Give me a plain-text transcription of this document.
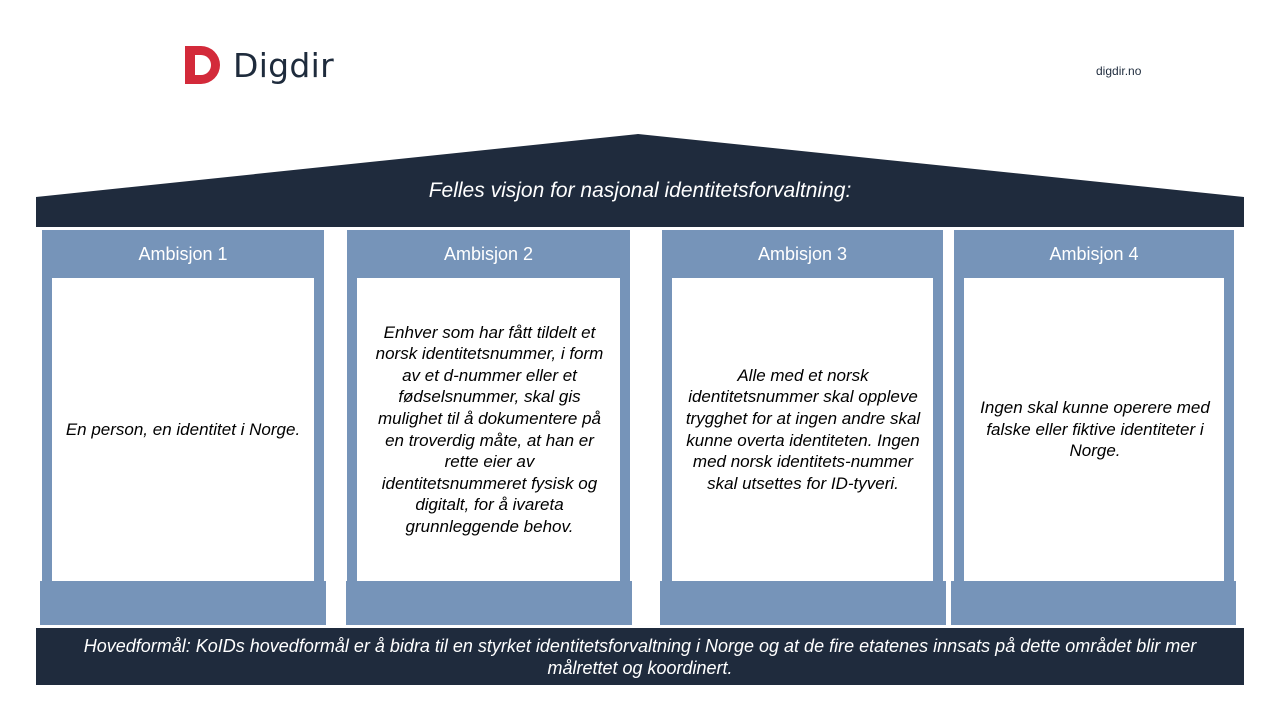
Digdir	digdir.no
Felles visjon for nasjonal identitetsforvaltning:
Ambisjon 1
En person, en identitet i Norge.
Ambisjon 2
Enhver som har fått tildelt et norsk identitetsnummer, i form av et d-nummer eller et fødselsnummer, skal gis mulighet til å dokumentere på en troverdig måte, at han er rette eier av identitetsnummeret fysisk og digitalt, for å ivareta grunnleggende behov.
Ambisjon 3
Alle med et norsk identitetsnummer skal oppleve trygghet for at ingen andre skal kunne overta identiteten. Ingen med norsk identitets-nummer skal utsettes for ID-tyveri.
Ambisjon 4
Ingen skal kunne operere med falske eller fiktive identiteter i Norge.
Hovedformål: KoIDs hovedformål er å bidra til en styrket identitetsforvaltning i Norge og at de fire etatenes innsats på dette området blir mer målrettet og koordinert.
